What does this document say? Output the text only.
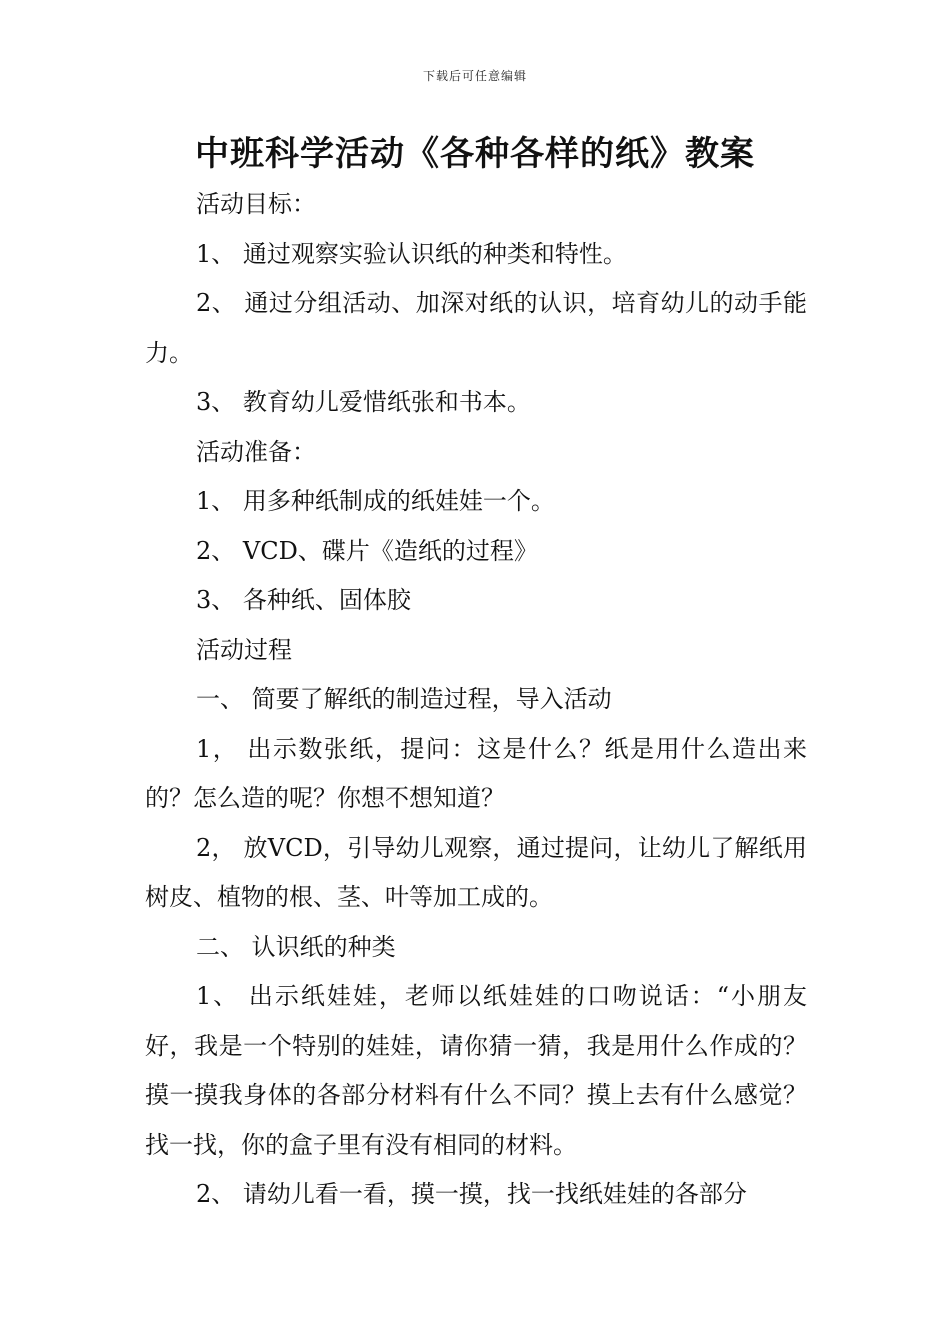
下载后可任意编辑
中班科学活动《各种各样的纸》教案

活动目标：

1、 通过观察实验认识纸的种类和特性。

2、 通过分组活动、加深对纸的认识，培育幼儿的动手能力。

3、 教育幼儿爱惜纸张和书本。

活动准备：

1、 用多种纸制成的纸娃娃一个。

2、 VCD、碟片《造纸的过程》

3、 各种纸、固体胶

活动过程

一、 简要了解纸的制造过程，导入活动

1， 出示数张纸，提问：这是什么？纸是用什么造出来的？怎么造的呢？你想不想知道？

2， 放VCD，引导幼儿观察，通过提问，让幼儿了解纸用树皮、植物的根、茎、叶等加工成的。

二、 认识纸的种类

1、 出示纸娃娃，老师以纸娃娃的口吻说话：“小朋友好，我是一个特别的娃娃，请你猜一猜，我是用什么作成的？摸一摸我身体的各部分材料有什么不同？摸上去有什么感觉？找一找，你的盒子里有没有相同的材料。

2、 请幼儿看一看，摸一摸，找一找纸娃娃的各部分
